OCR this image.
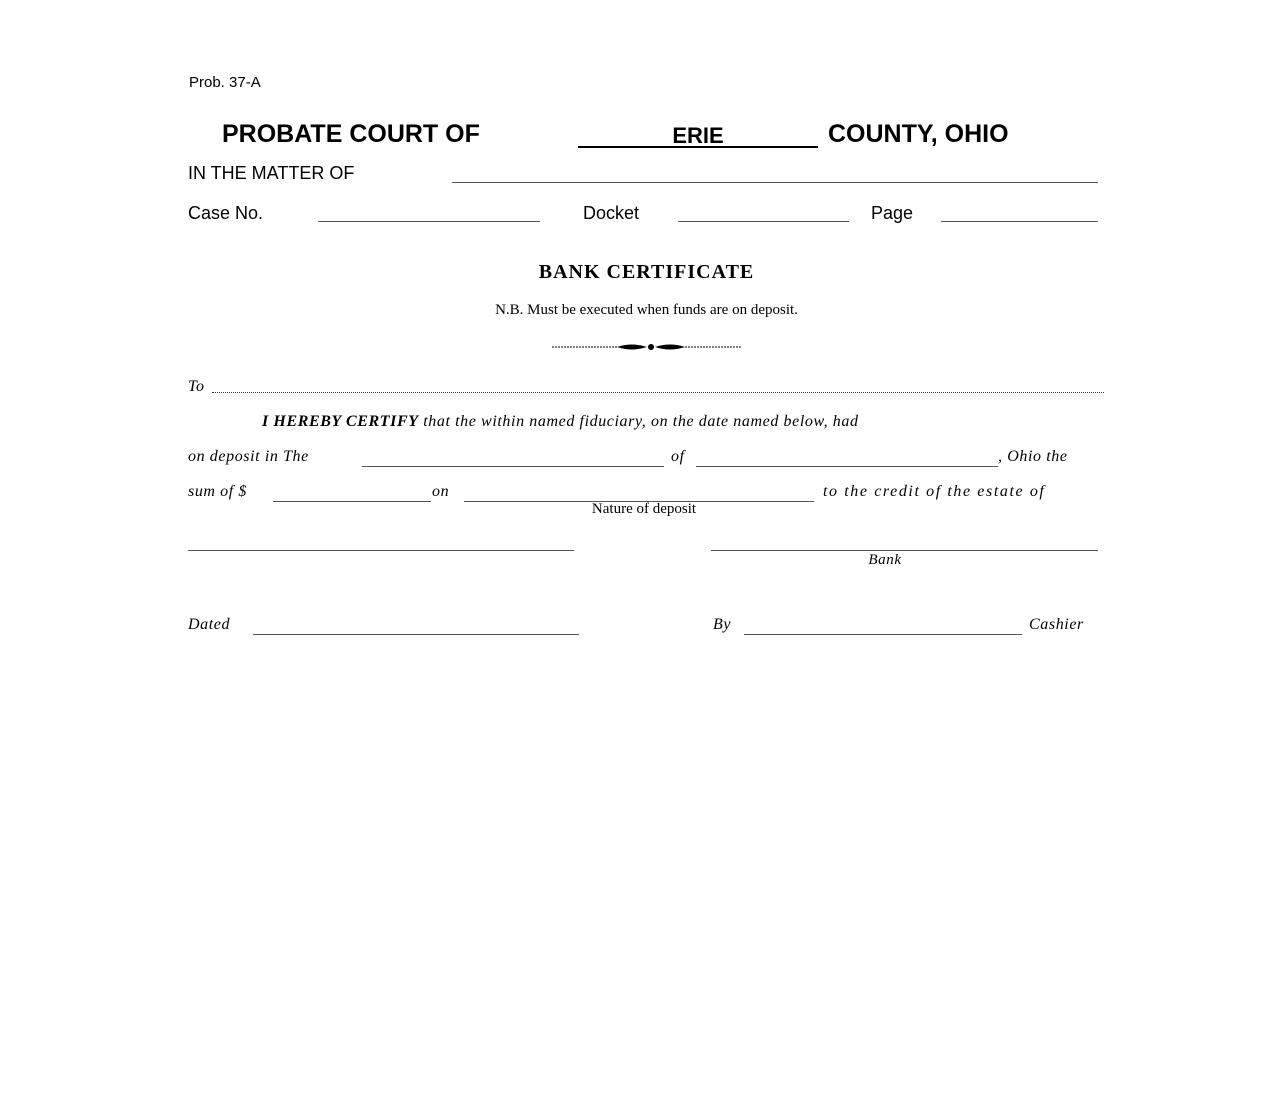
Prob. 37-A
PROBATE COURT OF	ERIE	COUNTY, OHIO
IN THE MATTER OF
Case No.	Docket	Page
BANK CERTIFICATE
N.B. Must be executed when funds are on deposit.
To
I HEREBY CERTIFY that the within named fiduciary, on the date named below, had
on deposit in The	of	, Ohio the
sum of $	on	to the credit of the estate of
Nature of deposit
Bank
Dated	By	Cashier
